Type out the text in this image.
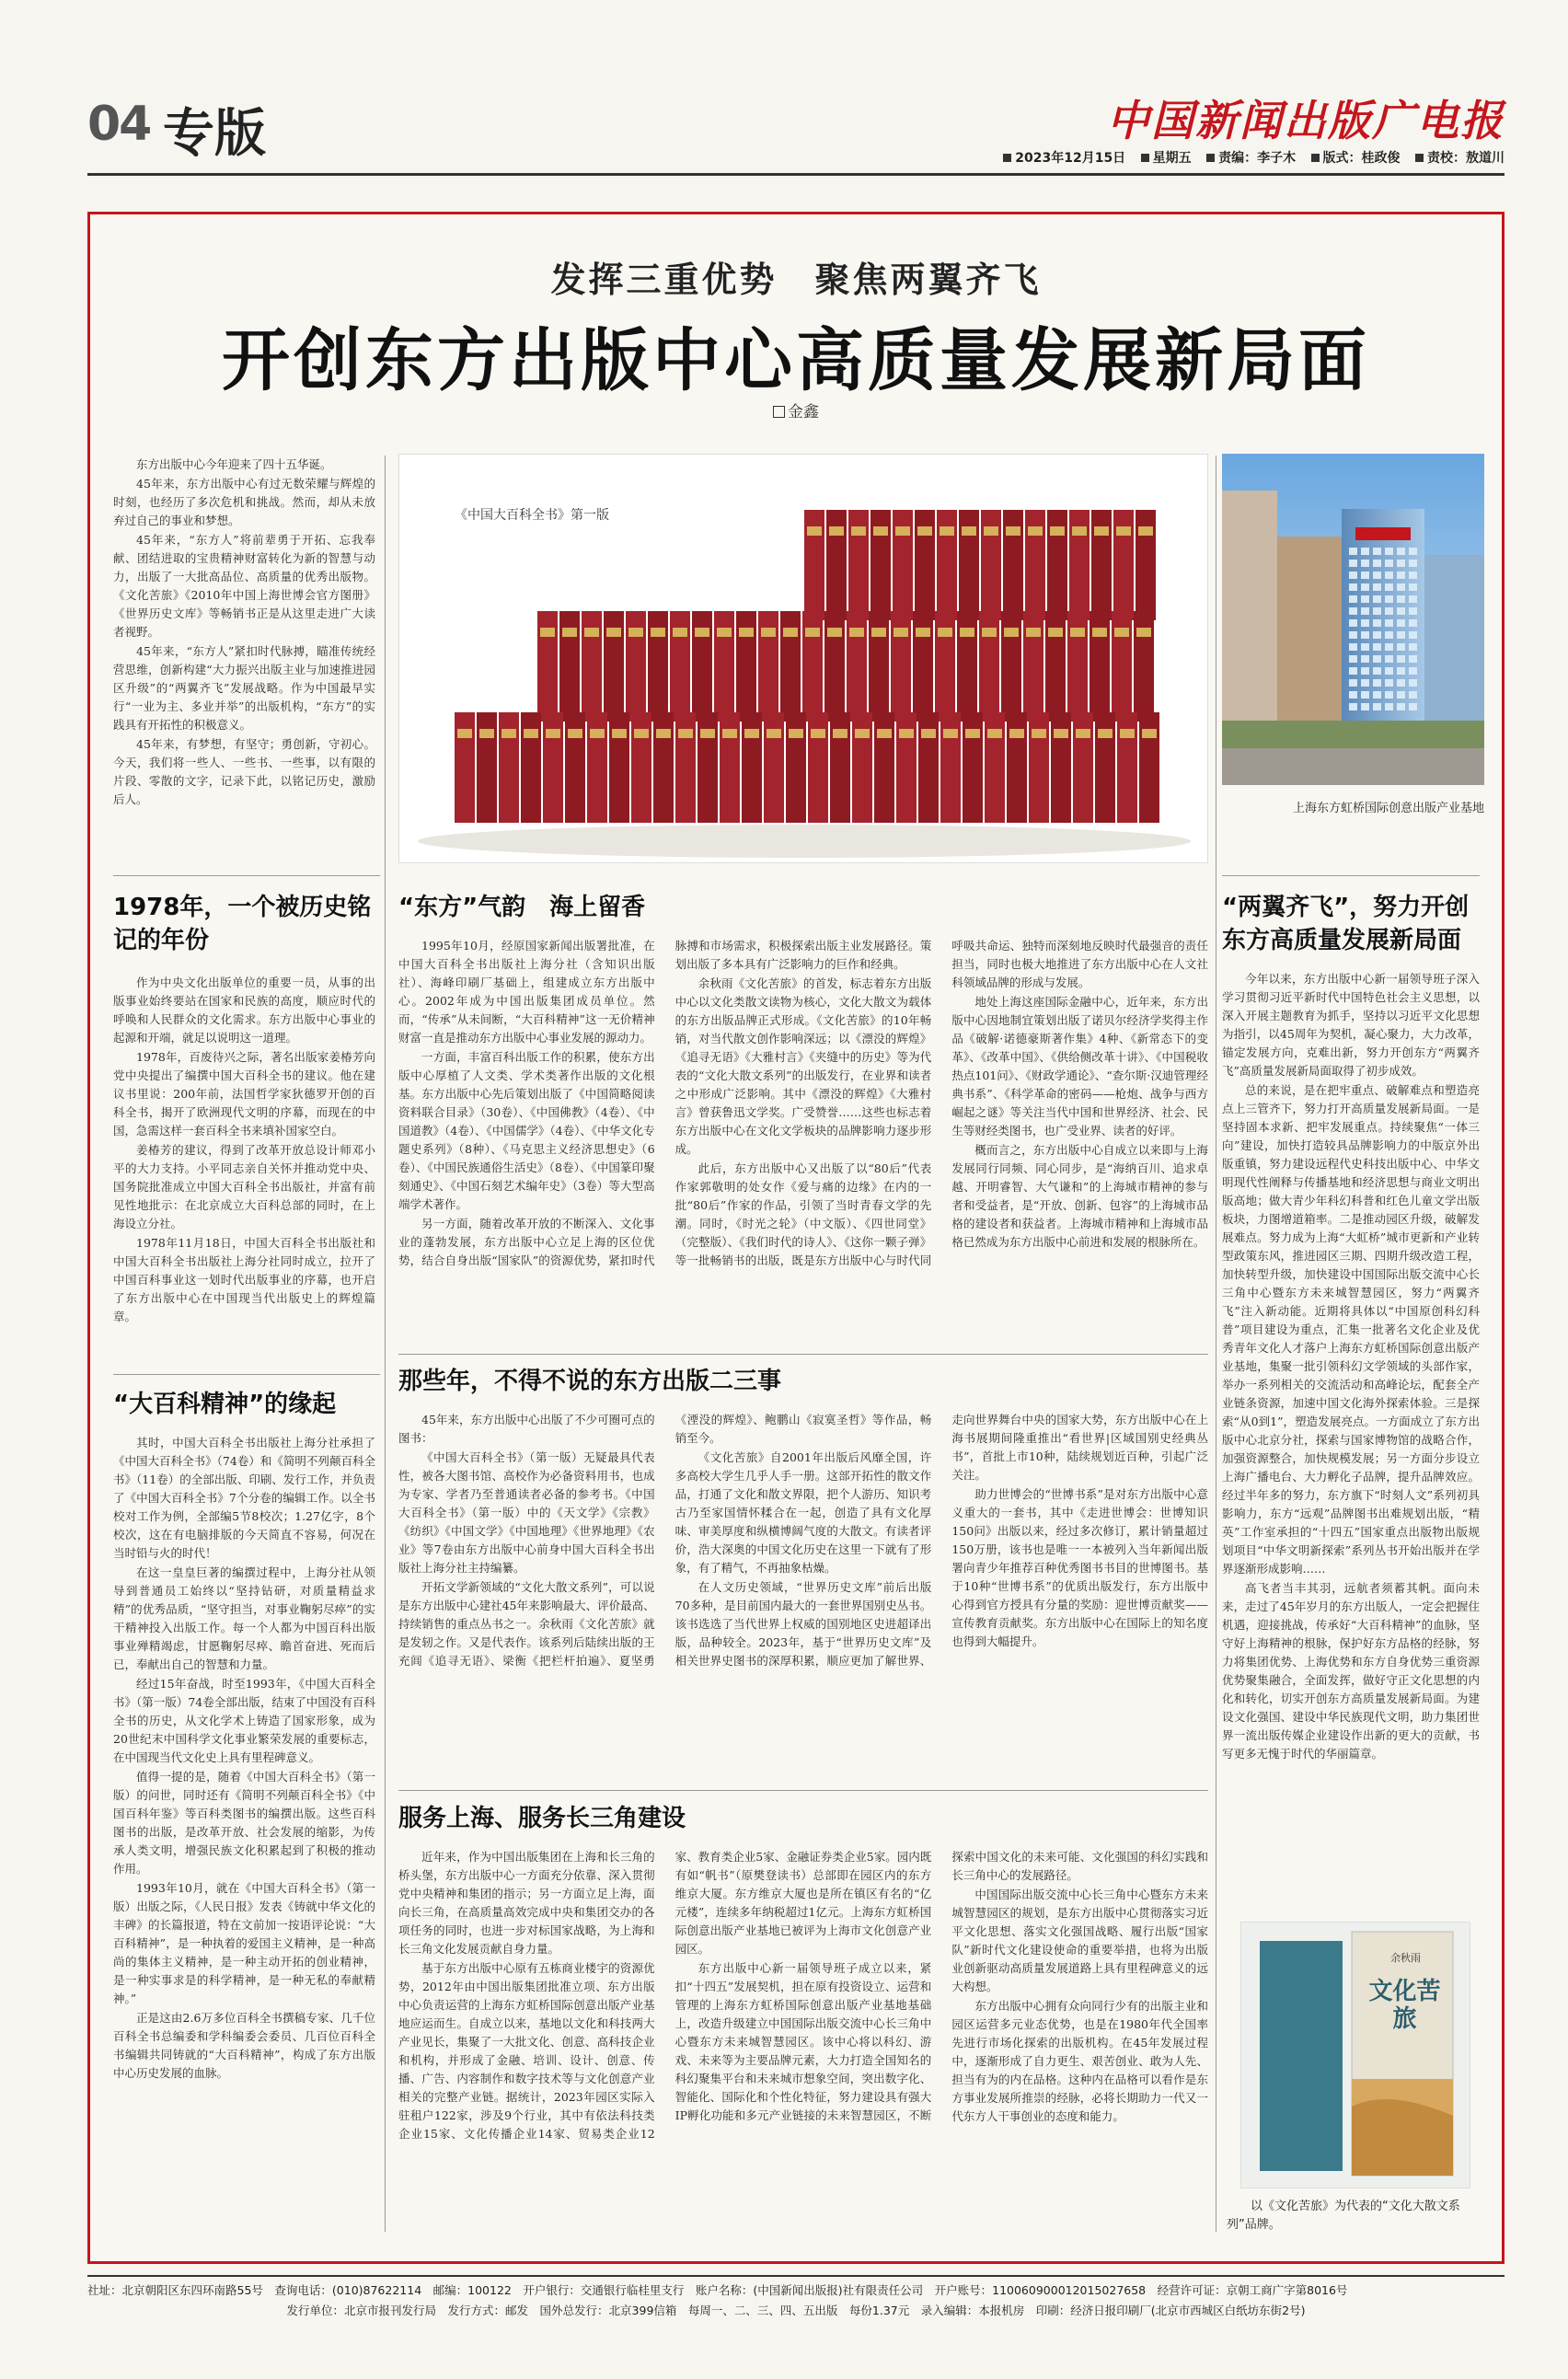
04 专版	中国新闻出版广电报
2023年12月15日 星期五 责编：李子木 版式：桂政俊 责校：敖道川
发挥三重优势　聚焦两翼齐飞
开创东方出版中心高质量发展新局面
金鑫

东方出版中心今年迎来了四十五华诞。

45年来，东方出版中心有过无数荣耀与辉煌的时刻，也经历了多次危机和挑战。然而，却从未放弃过自己的事业和梦想。

45年来，“东方人”将前辈勇于开拓、忘我奉献、团结进取的宝贵精神财富转化为新的智慧与动力，出版了一大批高品位、高质量的优秀出版物。《文化苦旅》《2010年中国上海世博会官方图册》《世界历史文库》等畅销书正是从这里走进广大读者视野。

45年来，“东方人”紧扣时代脉搏，瞄准传统经营思维，创新构建“大力振兴出版主业与加速推进园区升级”的“两翼齐飞”发展战略。作为中国最早实行“一业为主、多业并举”的出版机构，“东方”的实践具有开拓性的积极意义。

45年来，有梦想，有坚守；勇创新，守初心。今天，我们将一些人、一些书、一些事，以有限的片段、零散的文字，记录下此，以铭记历史，激励后人。

《中国大百科全书》第一版
上海东方虹桥国际创意出版产业基地
1978年，一个被历史铭记的年份

作为中央文化出版单位的重要一员，从事的出版事业始终要站在国家和民族的高度，顺应时代的呼唤和人民群众的文化需求。东方出版中心事业的起源和开端，就足以说明这一道理。

1978年，百废待兴之际，著名出版家姜椿芳向党中央提出了编撰中国大百科全书的建议。他在建议书里说：200年前，法国哲学家狄德罗开创的百科全书，揭开了欧洲现代文明的序幕，而现在的中国，急需这样一套百科全书来填补国家空白。

姜椿芳的建议，得到了改革开放总设计师邓小平的大力支持。小平同志亲自关怀并推动党中央、国务院批准成立中国大百科全书出版社，并富有前见性地批示：在北京成立大百科总部的同时，在上海设立分社。

1978年11月18日，中国大百科全书出版社和中国大百科全书出版社上海分社同时成立，拉开了中国百科事业这一划时代出版事业的序幕，也开启了东方出版中心在中国现当代出版史上的辉煌篇章。

“大百科精神”的缘起

其时，中国大百科全书出版社上海分社承担了《中国大百科全书》（74卷）和《简明不列颠百科全书》（11卷）的全部出版、印刷、发行工作，并负责了《中国大百科全书》7个分卷的编辑工作。以全书校对工作为例，全部编5节8校次；1.27亿字，8个校次，这在有电脑排版的今天简直不容易，何况在当时铅与火的时代！

在这一皇皇巨著的编撰过程中，上海分社从领导到普通员工始终以“坚持钻研，对质量精益求精”的优秀品质，“坚守担当，对事业鞠躬尽瘁”的实干精神投入出版工作。每一个人都为中国百科出版事业殚精竭虑，甘愿鞠躬尽瘁、瞻首奋进、死而后已，奉献出自己的智慧和力量。

经过15年奋战，时至1993年，《中国大百科全书》（第一版）74卷全部出版，结束了中国没有百科全书的历史，从文化学术上铸造了国家形象，成为20世纪末中国科学文化事业繁荣发展的重要标志，在中国现当代文化史上具有里程碑意义。

值得一提的是，随着《中国大百科全书》（第一版）的问世，同时还有《简明不列颠百科全书》《中国百科年鉴》等百科类图书的编撰出版。这些百科图书的出版，是改革开放、社会发展的缩影，为传承人类文明，增强民族文化积累起到了积极的推动作用。

1993年10月，就在《中国大百科全书》（第一版）出版之际，《人民日报》发表《铸就中华文化的丰碑》的长篇报道，特在文前加一按语评论说：“大百科精神”，是一种执着的爱国主义精神，是一种高尚的集体主义精神，是一种主动开拓的创业精神，是一种实事求是的科学精神，是一种无私的奉献精神。”

正是这由2.6万多位百科全书撰稿专家、几千位百科全书总编委和学科编委会委员、几百位百科全书编辑共同铸就的“大百科精神”，构成了东方出版中心历史发展的血脉。

“东方”气韵　海上留香

1995年10月，经原国家新闻出版署批准，在中国大百科全书出版社上海分社（含知识出版社）、海峰印刷厂基础上，组建成立东方出版中心。2002年成为中国出版集团成员单位。然而，“传承”从未间断，“大百科精神”这一无价精神财富一直是推动东方出版中心事业发展的源动力。

一方面，丰富百科出版工作的积累，使东方出版中心厚植了人文类、学术类著作出版的文化根基。东方出版中心先后策划出版了《中国简略阅读资料联合目录》（30卷）、《中国佛教》（4卷）、《中国道教》（4卷）、《中国儒学》（4卷）、《中华文化专题史系列》（8种）、《马克思主义经济思想史》（6卷）、《中国民族通俗生活史》（8卷）、《中国篆印聚刻通史》、《中国石刻艺术编年史》（3卷）等大型高端学术著作。

另一方面，随着改革开放的不断深入、文化事业的蓬勃发展，东方出版中心立足上海的区位优势，结合自身出版“国家队”的资源优势，紧扣时代脉搏和市场需求，积极探索出版主业发展路径。策划出版了多本具有广泛影响力的巨作和经典。

余秋雨《文化苦旅》的首发，标志着东方出版中心以文化类散文读物为核心，文化大散文为载体的东方出版品牌正式形成。《文化苦旅》的10年畅销，对当代散文创作影响深远；以《漂没的辉煌》《追寻无语》《大雅村言》《夹缝中的历史》等为代表的“文化大散文系列”的出版发行，在业界和读者之中形成广泛影响。其中《漂没的辉煌》《大雅村言》曾获鲁迅文学奖。广受赞誉……这些也标志着东方出版中心在文化文学板块的品牌影响力逐步形成。

此后，东方出版中心又出版了以“80后”代表作家郭敬明的处女作《爱与痛的边缘》在内的一批“80后”作家的作品，引领了当时青春文学的先潮。同时，《时光之轮》（中文版）、《四世同堂》（完整版）、《我们时代的诗人》、《这你一颗子弹》等一批畅销书的出版，既是东方出版中心与时代同呼吸共命运、独特而深刻地反映时代最强音的责任担当，同时也极大地推进了东方出版中心在人文社科领域品牌的形成与发展。

地处上海这座国际金融中心，近年来，东方出版中心因地制宜策划出版了诺贝尔经济学奖得主作品《破解·诺德豪斯著作集》4种、《新常态下的变革》、《改革中国》、《供给侧改革十讲》、《中国税收热点101问》、《财政学通论》、“查尔斯·汉迪管理经典书系”、《科学革命的密码——枪炮、战争与西方崛起之谜》等关注当代中国和世界经济、社会、民生等财经类图书，也广受业界、读者的好评。

概而言之，东方出版中心自成立以来即与上海发展同行同频、同心同步，是“海纳百川、追求卓越、开明睿智、大气谦和”的上海城市精神的参与者和受益者，是“开放、创新、包容”的上海城市品格的建设者和获益者。上海城市精神和上海城市品格已然成为东方出版中心前进和发展的根脉所在。

那些年，不得不说的东方出版二三事

45年来，东方出版中心出版了不少可圈可点的图书：

《中国大百科全书》（第一版）无疑最具代表性，被各大图书馆、高校作为必备资料用书，也成为专家、学者乃至普通读者必备的参考书。《中国大百科全书》（第一版）中的《天文学》《宗教》《纺织》《中国文学》《中国地理》《世界地理》《农业》等7卷由东方出版中心前身中国大百科全书出版社上海分社主持编纂。

开拓文学新领域的“文化大散文系列”，可以说是东方出版中心建社45年来影响最大、评价最高、持续销售的重点丛书之一。余秋雨《文化苦旅》就是发轫之作。又是代表作。该系列后陆续出版的王充闾《追寻无语》、梁衡《把栏杆拍遍》、夏坚勇《湮没的辉煌》、鲍鹏山《寂寞圣哲》等作品，畅销至今。

《文化苦旅》自2001年出版后风靡全国，许多高校大学生几乎人手一册。这部开拓性的散文作品，打通了文化和散文界限，把个人游历、知识考古乃至家国情怀糅合在一起，创造了具有文化厚味、审美厚度和纵横博阔气度的大散文。有读者评价，浩大深奥的中国文化历史在这里一下就有了形象，有了精气，不再抽象枯燥。

在人文历史领域，“世界历史文库”前后出版70多种，是目前国内最大的一套世界国别史丛书。该书选选了当代世界上权威的国别地区史进超译出版，品种较全。2023年，基于“世界历史文库”及相关世界史图书的深厚积累，顺应更加了解世界、走向世界舞台中央的国家大势，东方出版中心在上海书展期间隆重推出“看世界|区域国别史经典丛书”，首批上市10种，陆续规划近百种，引起广泛关注。

助力世博会的“世博书系”是对东方出版中心意义重大的一套书，其中《走进世博会：世博知识150问》出版以来，经过多次修订，累计销量超过150万册，该书也是唯一一本被列入当年新闻出版署向青少年推荐百种优秀图书书目的世博图书。基于10种“世博书系”的优质出版发行，东方出版中心得到官方授具有分量的奖励：迎世博贡献奖——宣传教育贡献奖。东方出版中心在国际上的知名度也得到大幅提升。

服务上海、服务长三角建设

近年来，作为中国出版集团在上海和长三角的桥头堡，东方出版中心一方面充分依靠、深入贯彻党中央精神和集团的指示；另一方面立足上海，面向长三角，在高质量高效完成中央和集团交办的各项任务的同时，也进一步对标国家战略，为上海和长三角文化发展贡献自身力量。

基于东方出版中心原有五栋商业楼宇的资源优势，2012年由中国出版集团批准立项、东方出版中心负责运营的上海东方虹桥国际创意出版产业基地应运而生。自成立以来，基地以文化和科技两大产业见长，集聚了一大批文化、创意、高科技企业和机构，并形成了金融、培训、设计、创意、传播、广告、内容制作和数字技术等与文化创意产业相关的完整产业链。据统计，2023年园区实际入驻租户122家，涉及9个行业，其中有依法科技类企业15家、文化传播企业14家、贸易类企业12家、教育类企业5家、金融证券类企业5家。园内既有如“帆书”（原樊登读书）总部即在园区内的东方维京大厦。东方维京大厦也是所在镇区有名的“亿元楼”，连续多年纳税超过1亿元。上海东方虹桥国际创意出版产业基地已被评为上海市文化创意产业园区。

东方出版中心新一届领导班子成立以来，紧扣“十四五”发展契机，担在原有投资设立、运营和管理的上海东方虹桥国际创意出版产业基地基础上，改造升级建立中国国际出版交流中心长三角中心暨东方未来城智慧园区。该中心将以科幻、游戏、未来等为主要品牌元素，大力打造全国知名的科幻聚集平台和未来城市想象空间，突出数字化、智能化、国际化和个性化特征，努力建设具有强大IP孵化功能和多元产业链接的未来智慧园区，不断探索中国文化的未来可能、文化强国的科幻实践和长三角中心的发展路径。

中国国际出版交流中心长三角中心暨东方未来城智慧园区的规划，是东方出版中心贯彻落实习近平文化思想、落实文化强国战略、履行出版“国家队”新时代文化建设使命的重要举措，也将为出版业创新驱动高质量发展道路上具有里程碑意义的远大构想。

东方出版中心拥有众向同行少有的出版主业和园区运营多元业态优势，也是在1980年代全国率先进行市场化探索的出版机构。在45年发展过程中，逐渐形成了自力更生、艰苦创业、敢为人先、担当有为的内在品格。这种内在品格可以看作是东方事业发展所推崇的经脉，必将长期助力一代又一代东方人干事创业的态度和能力。

“两翼齐飞”，努力开创东方高质量发展新局面

今年以来，东方出版中心新一届领导班子深入学习贯彻习近平新时代中国特色社会主义思想，以深入开展主题教育为抓手，坚持以习近平文化思想为指引，以45周年为契机，凝心聚力，大力改革，锚定发展方向，克难出新，努力开创东方“两翼齐飞”高质量发展新局面取得了初步成效。

总的来说，是在把牢重点、破解难点和塑造亮点上三管齐下，努力打开高质量发展新局面。一是坚持固本求新、把牢发展重点。持续聚焦“一体三向”建设，加快打造较具品牌影响力的中版京外出版重镇，努力建设远程代史科技出版中心、中华文明现代性阐释与传播基地和经济思想与商业文明出版高地；做大青少年科幻科普和红色儿童文学出版板块，力图增道箱率。二是推动园区升级，破解发展难点。努力成为上海“大虹桥”城市更新和产业转型政策东风，推进园区三期、四期升级改造工程，加快转型升级，加快建设中国国际出版交流中心长三角中心暨东方未来城智慧园区，努力“两翼齐飞”注入新动能。近期将具体以“中国原创科幻科普”项目建设为重点，汇集一批著名文化企业及优秀青年文化人才落户上海东方虹桥国际创意出版产业基地，集聚一批引领科幻文学领域的头部作家，举办一系列相关的交流活动和高峰论坛，配套全产业链条资源，加速中国文化海外探索体验。三是探索“从0到1”，塑造发展亮点。一方面成立了东方出版中心北京分社，探索与国家博物馆的战略合作，加强资源整合，加快规模发展；另一方面分步设立上海广播电台、大力孵化子品牌，提升品牌效应。经过半年多的努力，东方旗下“时刻人文”系列初具影响力，东方“远观”品牌图书出难规划出版，“精英”工作室承担的“十四五”国家重点出版物出版规划项目“中华文明新探索”系列丛书开始出版并在学界逐渐形成影响……

高飞者当丰其羽，远航者须蓄其帆。面向未来，走过了45年岁月的东方出版人，一定会把握住机遇，迎接挑战，传承好“大百科精神”的血脉，坚守好上海精神的根脉，保护好东方品格的经脉，努力将集团优势、上海优势和东方自身优势三重资源优势聚集融合，全面发挥，做好守正文化思想的内化和转化，切实开创东方高质量发展新局面。为建设文化强国、建设中华民族现代文明，助力集团世界一流出版传媒企业建设作出新的更大的贡献，书写更多无愧于时代的华丽篇章。

余秋雨
文化苦旅
以《文化苦旅》为代表的“文化大散文系列”品牌。
社址：北京朝阳区东四环南路55号　查询电话：(010)87622114　邮编：100122　开户银行：交通银行临桂里支行　账户名称：(中国新闻出版报)社有限责任公司　开户账号：110060900012015027658　经营许可证：京朝工商广字第8016号
发行单位：北京市报刊发行局　发行方式：邮发　国外总发行：北京399信箱　每周一、二、三、四、五出版　每份1.37元　录入编辑：本报机房　印刷：经济日报印刷厂(北京市西城区白纸坊东街2号)
